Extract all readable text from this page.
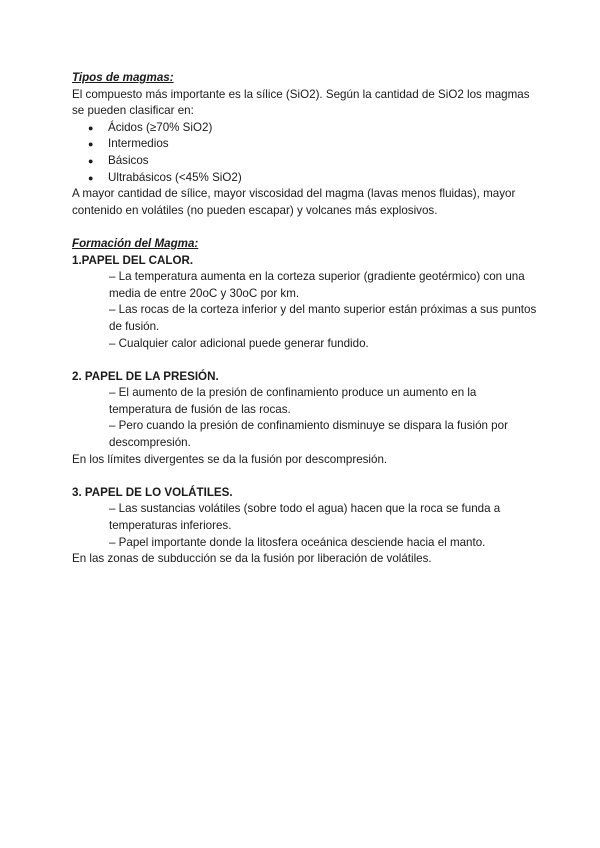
Tipos de magmas:

El compuesto más importante es la sílice (SiO2). Según la cantidad de SiO2 los magmas se pueden clasificar en:

● Ácidos (≥70% SiO2)
● Intermedios
● Básicos
● Ultrabásicos (<45% SiO2)

A mayor cantidad de sílice, mayor viscosidad del magma (lavas menos fluidas), mayor contenido en volátiles (no pueden escapar) y volcanes más explosivos.

Formación del Magma:

1.PAPEL DEL CALOR.

– La temperatura aumenta en la corteza superior (gradiente geotérmico) con una media de entre 20oC y 30oC por km.

– Las rocas de la corteza inferior y del manto superior están próximas a sus puntos de fusión.

– Cualquier calor adicional puede generar fundido.

2. PAPEL DE LA PRESIÓN.

– El aumento de la presión de confinamiento produce un aumento en la temperatura de fusión de las rocas.

– Pero cuando la presión de confinamiento disminuye se dispara la fusión por descompresión.

En los límites divergentes se da la fusión por descompresión.

3. PAPEL DE LO VOLÁTILES.

– Las sustancias volátiles (sobre todo el agua) hacen que la roca se funda a temperaturas inferiores.

– Papel importante donde la litosfera oceánica desciende hacia el manto.

En las zonas de subducción se da la fusión por liberación de volátiles.
